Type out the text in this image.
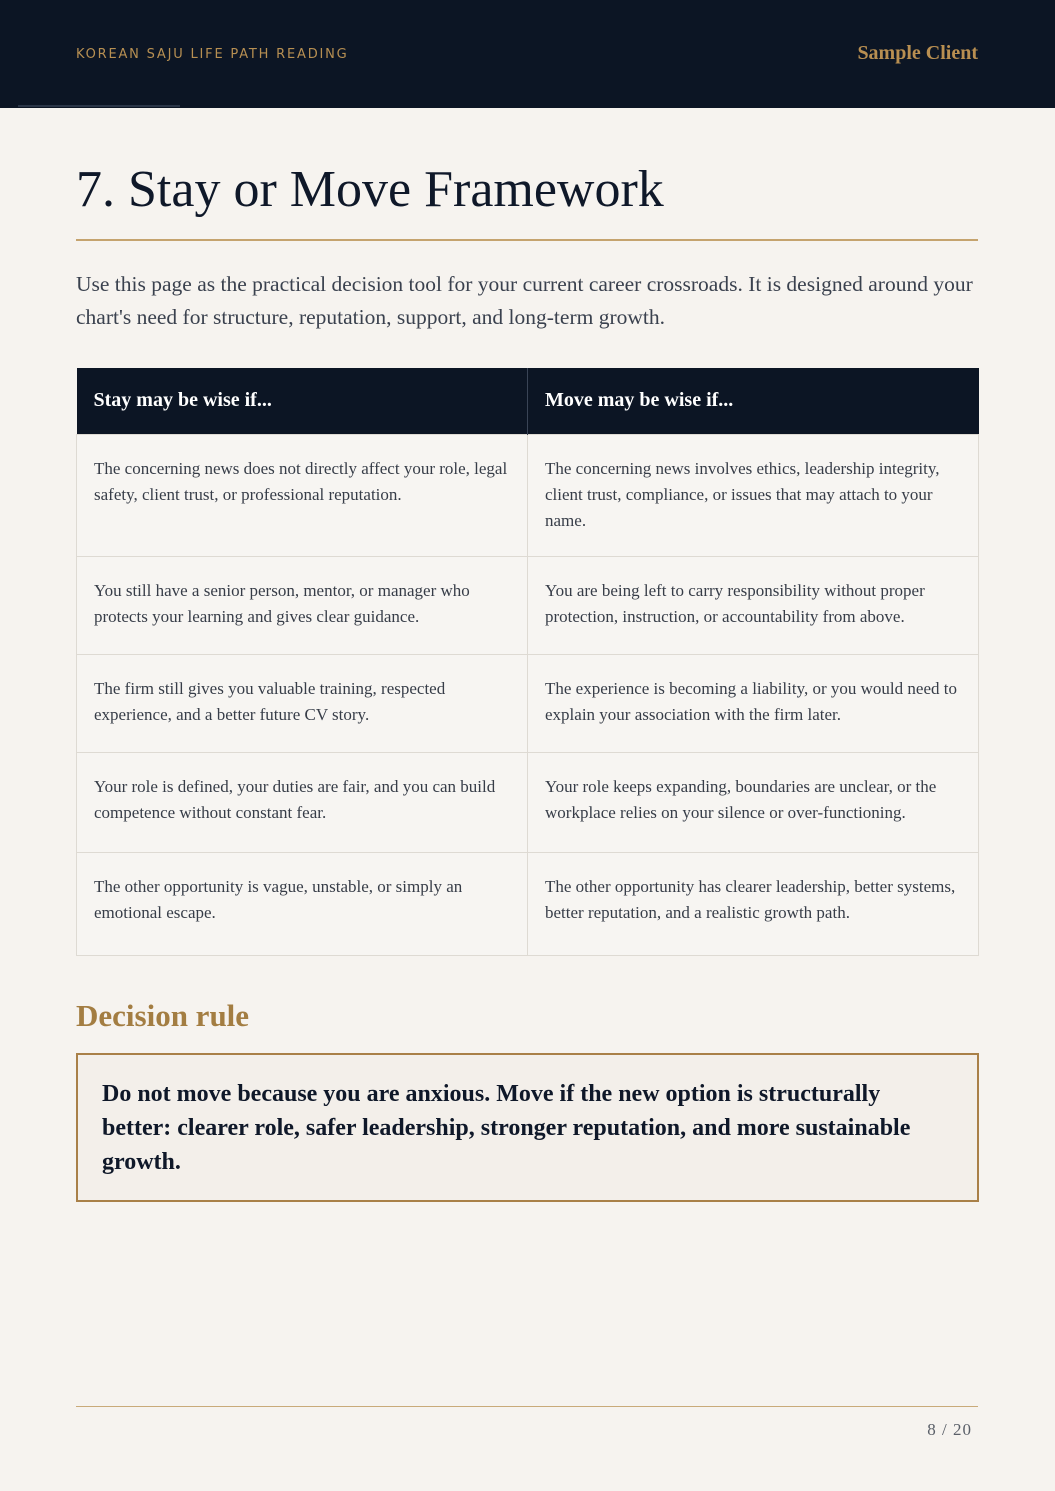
KOREAN SAJU LIFE PATH READING	Sample Client
7. Stay or Move Framework

Use this page as the practical decision tool for your current career crossroads. It is designed around your chart's need for structure, reputation, support, and long-term growth.

Stay may be wise if...	Move may be wise if...
The concerning news does not directly affect your role, legal safety, client trust, or professional reputation.	The concerning news involves ethics, leadership integrity, client trust, compliance, or issues that may attach to your name.
You still have a senior person, mentor, or manager who protects your learning and gives clear guidance.	You are being left to carry responsibility without proper protection, instruction, or accountability from above.
The firm still gives you valuable training, respected experience, and a better future CV story.	The experience is becoming a liability, or you would need to explain your association with the firm later.
Your role is defined, your duties are fair, and you can build competence without constant fear.	Your role keeps expanding, boundaries are unclear, or the workplace relies on your silence or over-functioning.
The other opportunity is vague, unstable, or simply an emotional escape.	The other opportunity has clearer leadership, better systems, better reputation, and a realistic growth path.
Decision rule

Do not move because you are anxious. Move if the new option is structurally better: clearer role, safer leadership, stronger reputation, and more sustainable growth.

8 / 20
